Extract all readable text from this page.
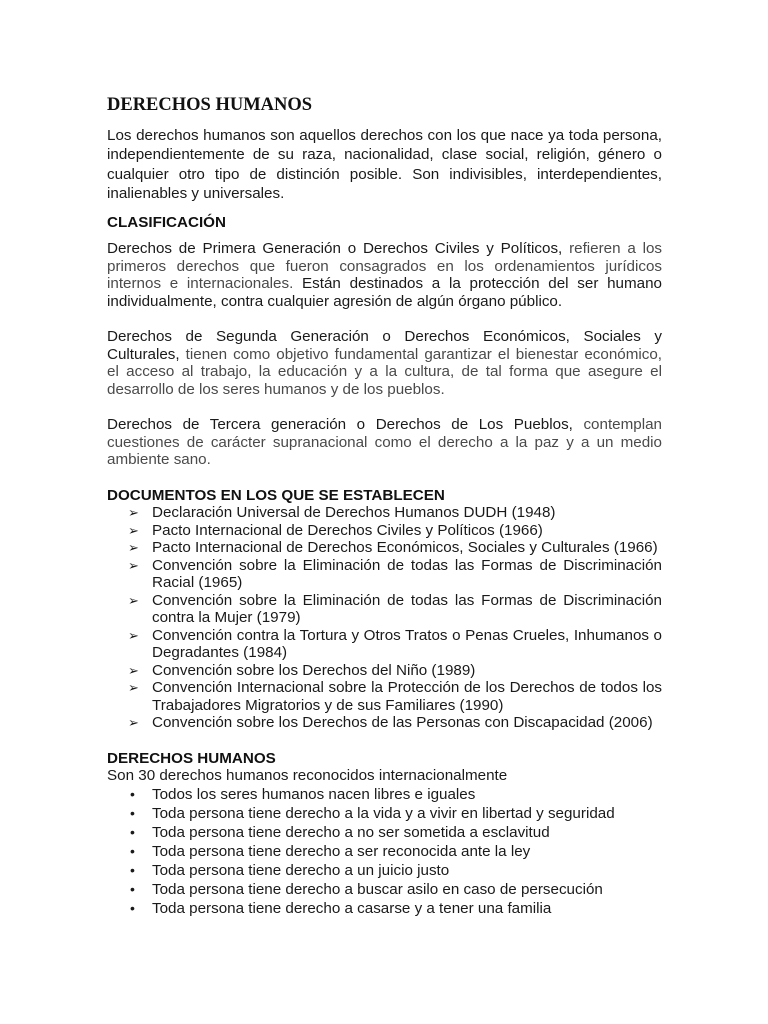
DERECHOS HUMANOS

Los derechos humanos son aquellos derechos con los que nace ya toda persona, independientemente de su raza, nacionalidad, clase social, religión, género o cualquier otro tipo de distinción posible. Son indivisibles, interdependientes, inalienables y universales.

CLASIFICACIÓN

Derechos de Primera Generación o Derechos Civiles y Políticos, refieren a los primeros derechos que fueron consagrados en los ordenamientos jurídicos internos e internacionales. Están destinados a la protección del ser humano individualmente, contra cualquier agresión de algún órgano público.

Derechos de Segunda Generación o Derechos Económicos, Sociales y Culturales, tienen como objetivo fundamental garantizar el bienestar económico, el acceso al trabajo, la educación y a la cultura, de tal forma que asegure el desarrollo de los seres humanos y de los pueblos.

Derechos de Tercera generación o Derechos de Los Pueblos, contemplan cuestiones de carácter supranacional como el derecho a la paz y a un medio ambiente sano.

DOCUMENTOS EN LOS QUE SE ESTABLECEN
➢ Declaración Universal de Derechos Humanos DUDH (1948)
➢ Pacto Internacional de Derechos Civiles y Políticos (1966)
➢ Pacto Internacional de Derechos Económicos, Sociales y Culturales (1966)
➢ Convención sobre la Eliminación de todas las Formas de Discriminación Racial (1965)
➢ Convención sobre la Eliminación de todas las Formas de Discriminación contra la Mujer (1979)
➢ Convención contra la Tortura y Otros Tratos o Penas Crueles, Inhumanos o Degradantes (1984)
➢ Convención sobre los Derechos del Niño (1989)
➢ Convención Internacional sobre la Protección de los Derechos de todos los Trabajadores Migratorios y de sus Familiares (1990)
➢ Convención sobre los Derechos de las Personas con Discapacidad (2006)
DERECHOS HUMANOS
Son 30 derechos humanos reconocidos internacionalmente
• Todos los seres humanos nacen libres e iguales
• Toda persona tiene derecho a la vida y a vivir en libertad y seguridad
• Toda persona tiene derecho a no ser sometida a esclavitud
• Toda persona tiene derecho a ser reconocida ante la ley
• Toda persona tiene derecho a un juicio justo
• Toda persona tiene derecho a buscar asilo en caso de persecución
• Toda persona tiene derecho a casarse y a tener una familia
